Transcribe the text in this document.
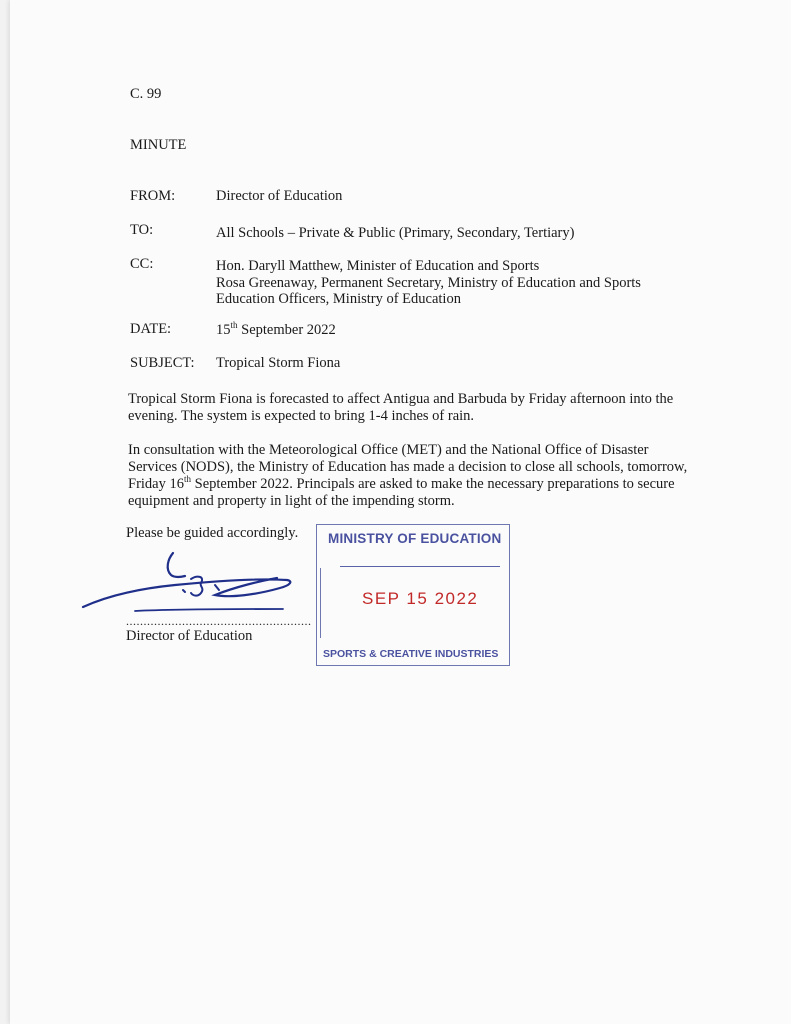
C. 99
MINUTE
FROM:	Director of Education
TO:	All Schools – Private & Public (Primary, Secondary, Tertiary)
CC:	Hon. Daryll Matthew, Minister of Education and Sports
Rosa Greenaway, Permanent Secretary, Ministry of Education and Sports
Education Officers, Ministry of Education
DATE:	15th September 2022
SUBJECT: Tropical Storm Fiona
Tropical Storm Fiona is forecasted to affect Antigua and Barbuda by Friday afternoon into the evening. The system is expected to bring 1-4 inches of rain.
In consultation with the Meteorological Office (MET) and the National Office of Disaster Services (NODS), the Ministry of Education has made a decision to close all schools, tomorrow, Friday 16th September 2022. Principals are asked to make the necessary preparations to secure equipment and property in light of the impending storm.
Please be guided accordingly.
.....................................................
Director of Education
MINISTRY OF EDUCATION
SEP 15 2022
SPORTS & CREATIVE INDUSTRIES
